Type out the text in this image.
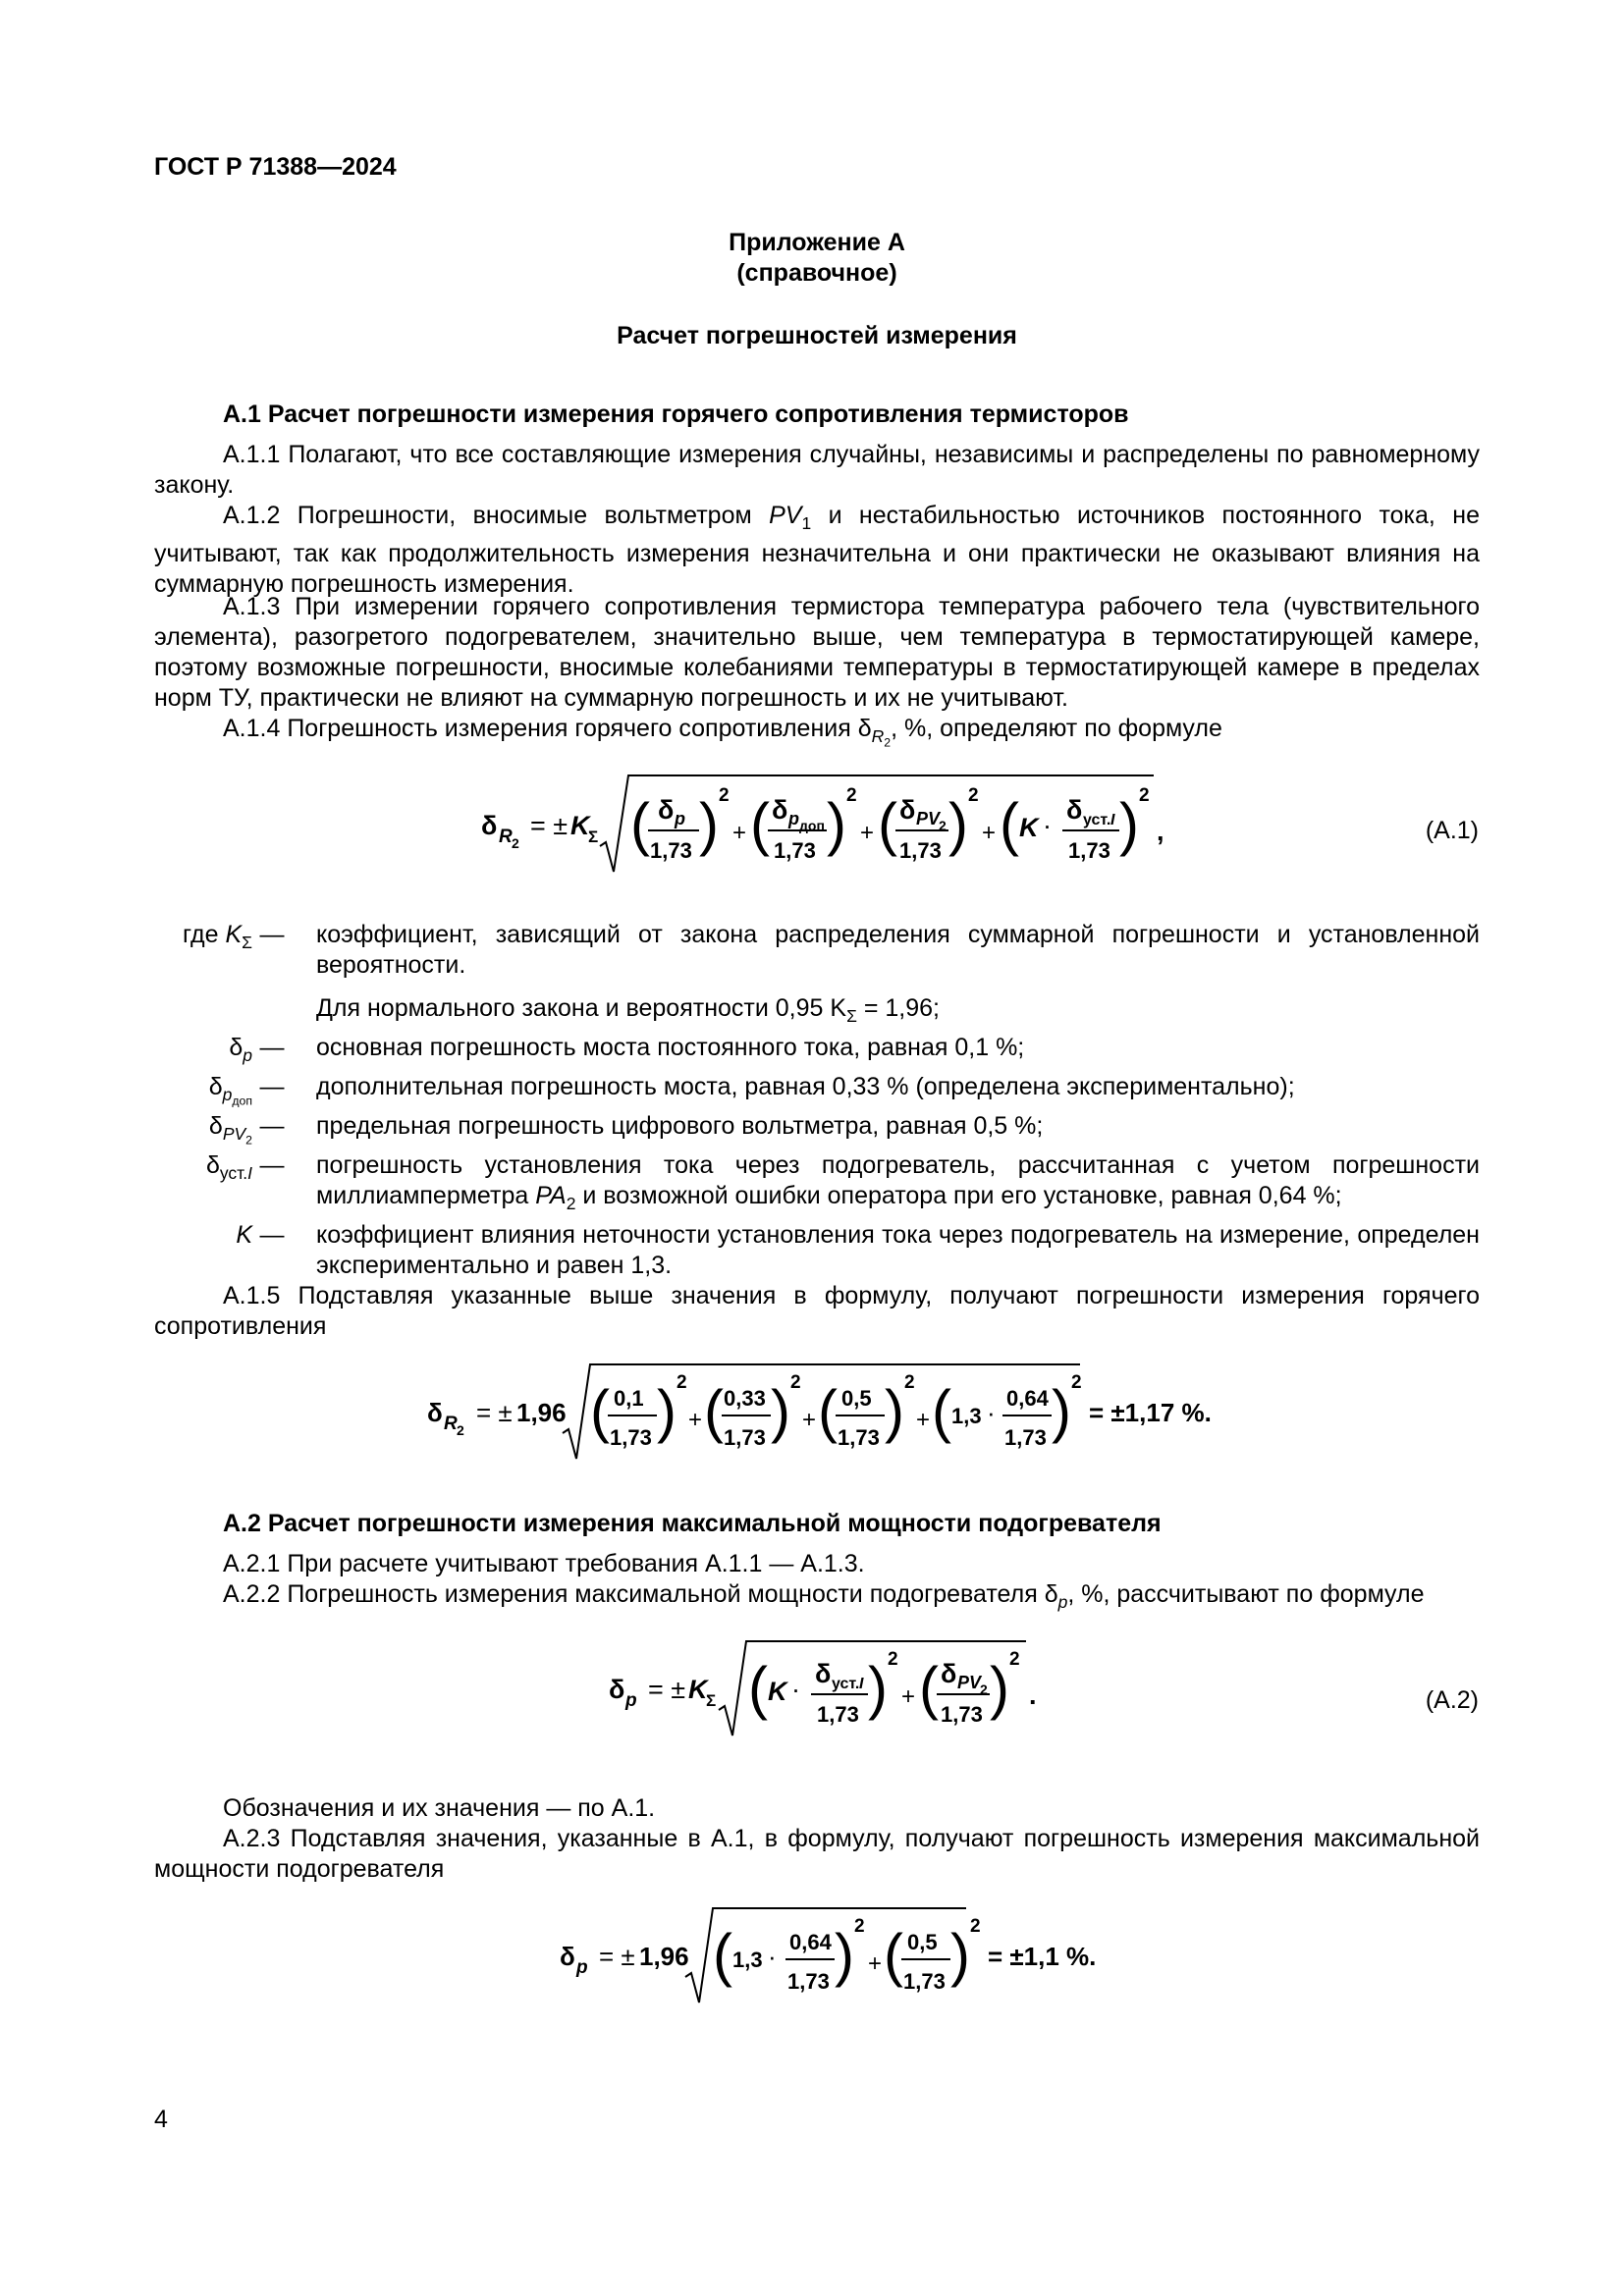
ГОСТ Р 71388—2024
Приложение А
(справочное)
Расчет погрешностей измерения
А.1 Расчет погрешности измерения горячего сопротивления термисторов
А.1.1 Полагают, что все составляющие измерения случайны, независимы и распределены по равномерному закону.
А.1.2 Погрешности, вносимые вольтметром $PV_1$ и нестабильностью источников постоянного тока, не учитывают, так как продолжительность измерения незначительна и они практически не оказывают влияния на суммарную погрешность измерения.
А.1.3 При измерении горячего сопротивления термистора температура рабочего тела (чувствительного элемента), разогретого подогревателем, значительно выше, чем температура в термостатирующей камере, поэтому возможные погрешности, вносимые колебаниями температуры в термостатирующей камере в пределах норм ТУ, практически не влияют на суммарную погрешность и их не учитывают.
А.1.4 Погрешность измерения горячего сопротивления $\delta_{R_2}$, %, определяют по формуле
δ R 2
= ± K
Σ ( δ p
1,73 ) 2
+ ( δ p доп
1,73 ) 2
+ ( δ PV
2
1,73 ) 2
+ ( K ·
δ уст. I
1,73 ) 2
,	(А.1)
где $K_\Sigma$ —	коэффициент, зависящий от закона распределения суммарной погрешности и установленной вероятности.
Для нормального закона и вероятности 0,95 $K_\Sigma = 1,96$;
$\delta_p$ —	основная погрешность моста постоянного тока, равная 0,1 %;
$\delta_{p_{доп}}$
—	дополнительная погрешность моста, равная 0,33 % (определена экспериментально);
$\delta_{PV_2}$
—	предельная погрешность цифрового вольтметра, равная 0,5 %;
$\delta_{уст.I}$ —	погрешность установления тока через подогреватель, рассчитанная с учетом погрешности миллиамперметра $PA_2$ и возможной ошибки оператора при его установке, равная 0,64 %;
K —	коэффициент влияния неточности установления тока через подогреватель на измерение, определен экспериментально и равен 1,3.
А.1.5 Подставляя указанные выше значения в формулу, получают погрешности измерения горячего сопротивления
δ R 2
= ± 1,96 ( 0,1
1,73 ) 2
+ ( 0,33
1,73 ) 2
+ ( 0,5
1,73 ) 2
+ ( 1,3 · 0,64
1,73 ) 2
= ±1,17 %.
А.2 Расчет погрешности измерения максимальной мощности подогревателя
А.2.1 При расчете учитывают требования А.1.1 — А.1.3.
А.2.2 Погрешность измерения максимальной мощности подогревателя $\delta_p$, %, рассчитывают по формуле
δ p = ± K
Σ ( K ·
δ уст. I
1,73 ) 2
+ ( δ PV
2
1,73 ) 2
.	(А.2)
Обозначения и их значения — по А.1.
А.2.3 Подставляя значения, указанные в А.1, в формулу, получают погрешность измерения максимальной мощности подогревателя
δ p = ± 1,96 ( 1,3 · 0,64
1,73 ) 2
+ ( 0,5
1,73 ) 2
= ±1,1 %.
4
